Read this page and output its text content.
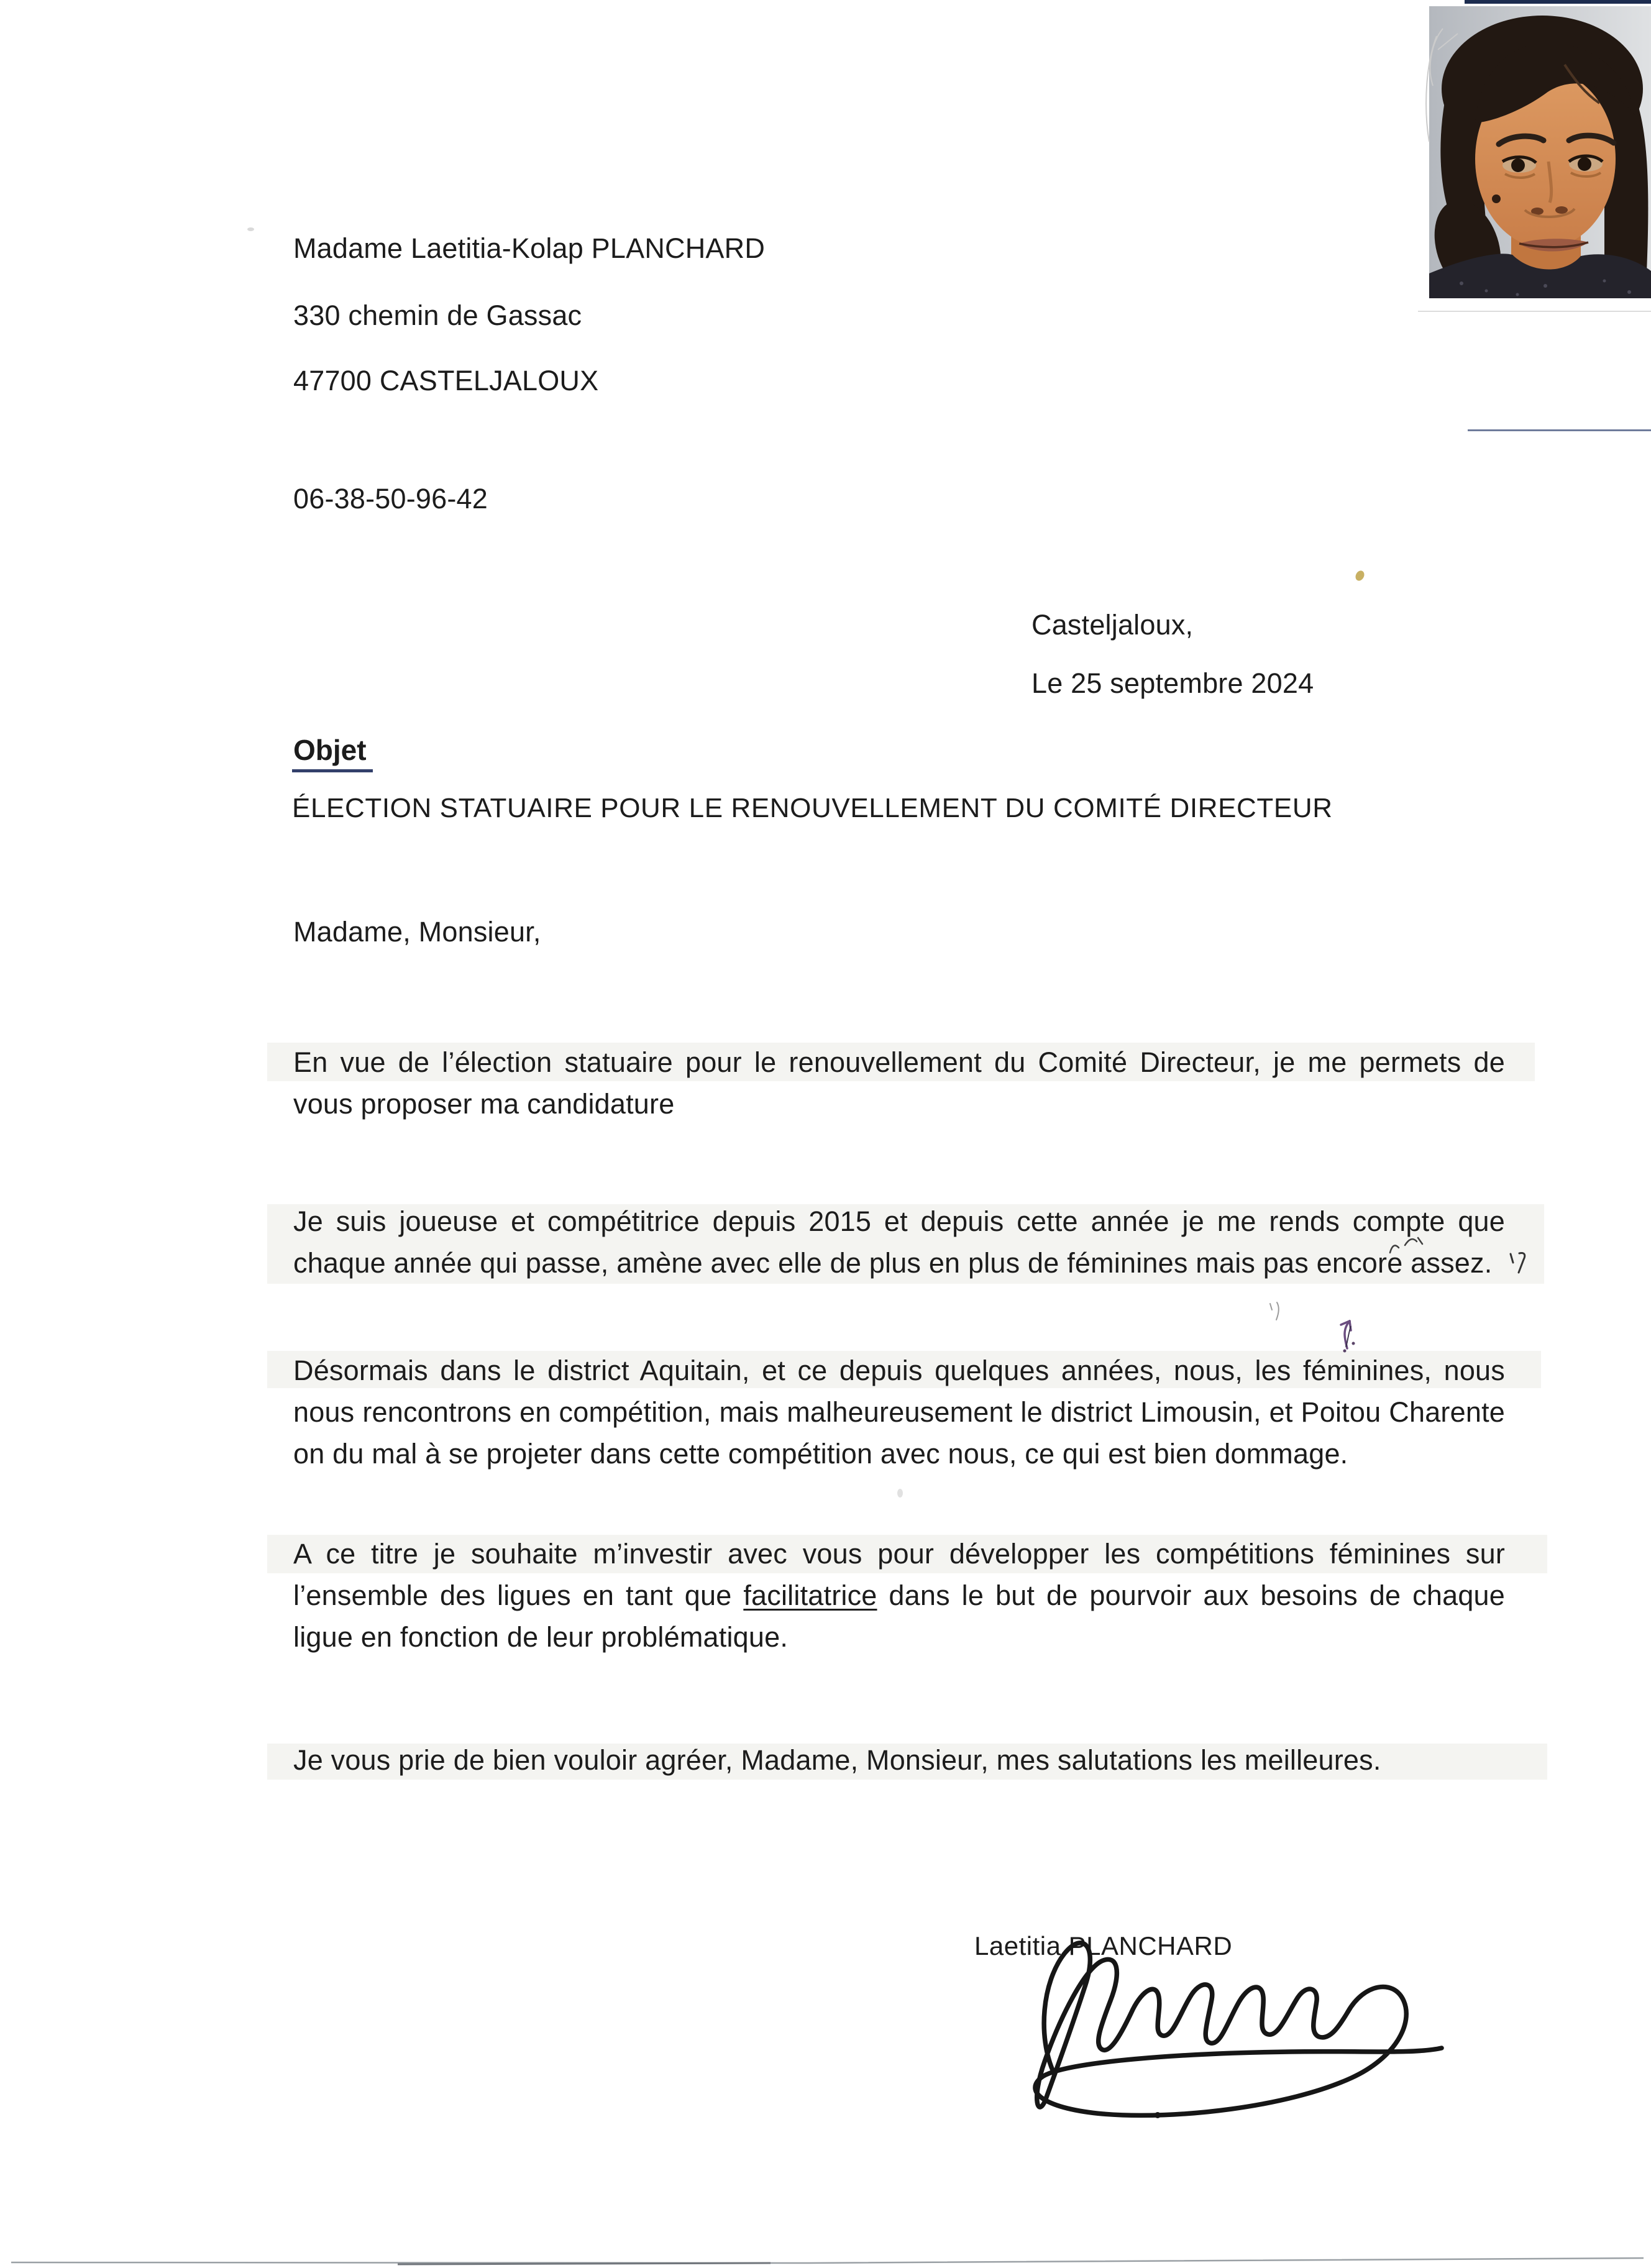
Madame Laetitia-Kolap PLANCHARD
330 chemin de Gassac
47700 CASTELJALOUX
06-38-50-96-42
Casteljaloux,
Le 25 septembre 2024
Objet
ÉLECTION STATUAIRE POUR LE RENOUVELLEMENT DU COMITÉ DIRECTEUR
Madame, Monsieur,
En vue de l’élection statuaire pour le renouvellement du Comité Directeur, je me permets de vous proposer ma candidature
Je suis joueuse et compétitrice depuis 2015 et depuis cette année je me rends compte que chaque année qui passe, amène avec elle de plus en plus de féminines mais pas encore assez.
Désormais dans le district Aquitain, et ce depuis quelques années, nous, les féminines, nous nous rencontrons en compétition, mais malheureusement le district Limousin, et Poitou Charente on du mal à se projeter dans cette compétition avec nous, ce qui est bien dommage.
A ce titre je souhaite m’investir avec vous pour développer les compétitions féminines sur l’ensemble des ligues en tant que facilitatrice dans le but de pourvoir aux besoins de chaque ligue en fonction de leur problématique.
Je vous prie de bien vouloir agréer, Madame, Monsieur, mes salutations les meilleures.
Laetitia PLANCHARD
